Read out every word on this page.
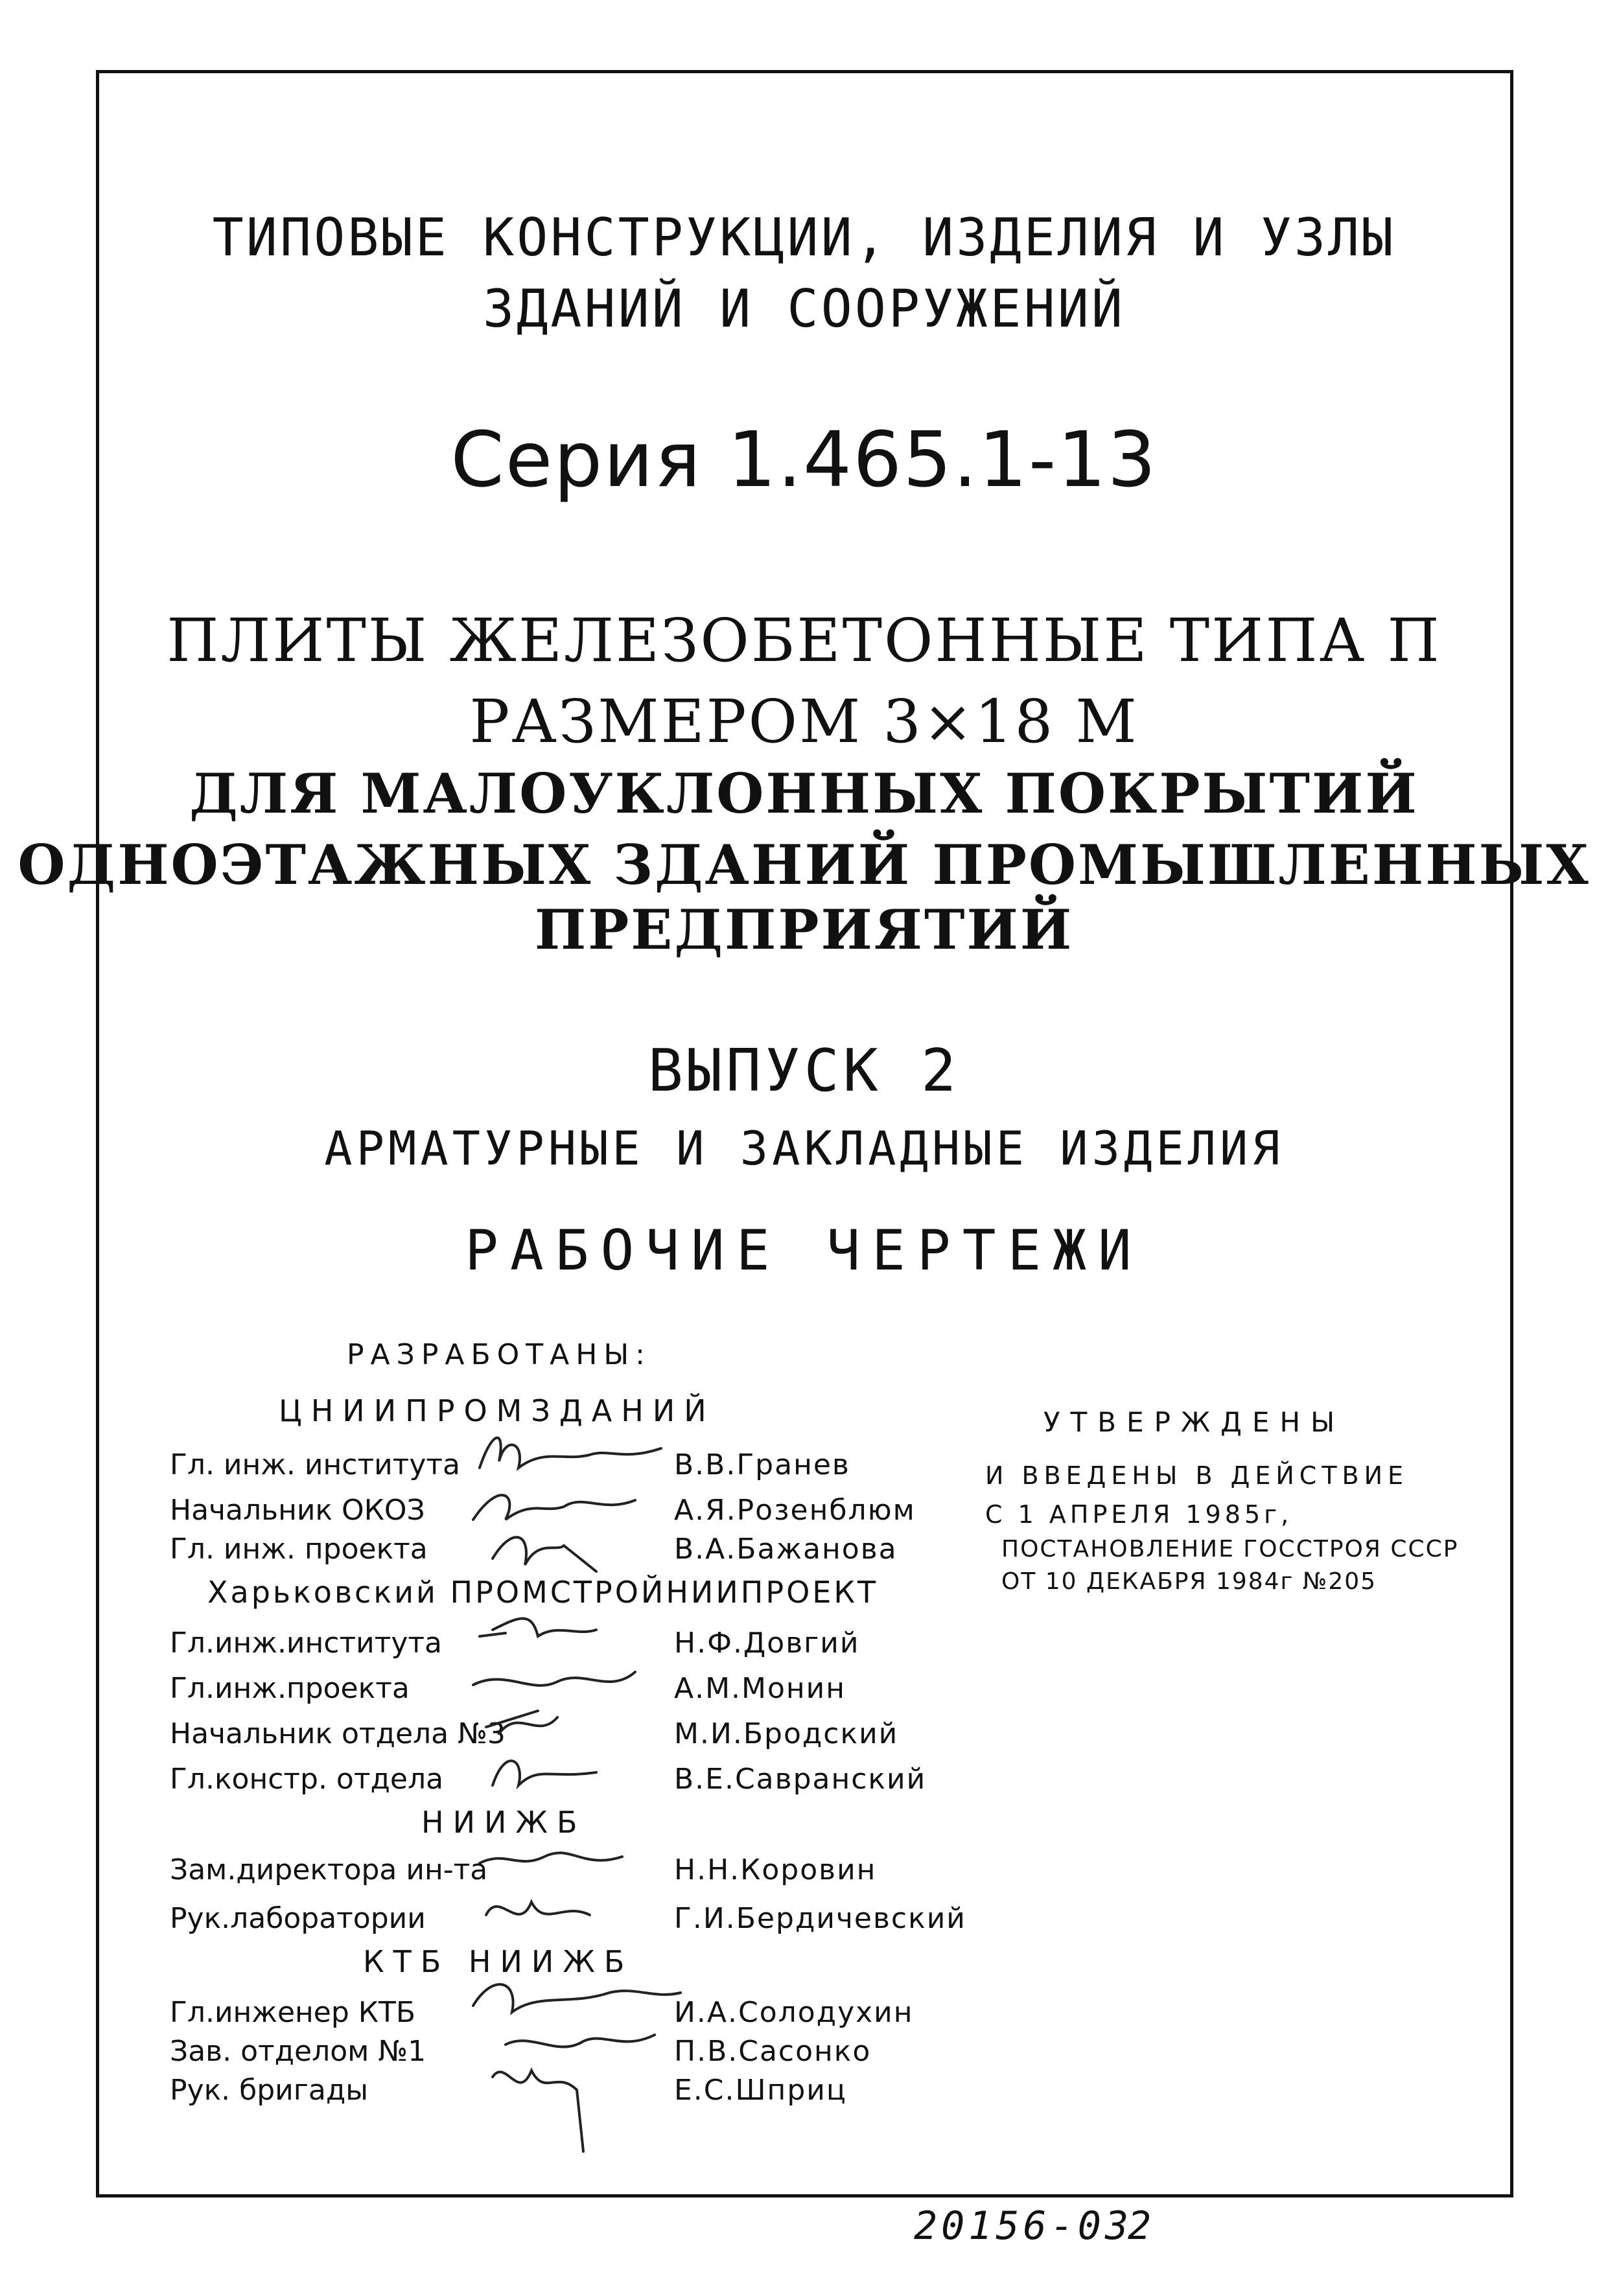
ТИПОВЫЕ КОНСТРУКЦИИ, ИЗДЕЛИЯ И УЗЛЫ
ЗДАНИЙ И СООРУЖЕНИЙ
Серия 1.465.1-13
ПЛИТЫ ЖЕЛЕЗОБЕТОННЫЕ ТИПА П
РАЗМЕРОМ 3×18 М
ДЛЯ МАЛОУКЛОННЫХ ПОКРЫТИЙ
ОДНОЭТАЖНЫХ ЗДАНИЙ ПРОМЫШЛЕННЫХ
ПРЕДПРИЯТИЙ
ВЫПУСК 2
АРМАТУРНЫЕ И ЗАКЛАДНЫЕ ИЗДЕЛИЯ
РАБОЧИЕ ЧЕРТЕЖИ
РАЗРАБОТАНЫ:
ЦНИИПРОМЗДАНИЙ
Гл. инж. института	В.В.Гранев
Начальник ОКОЗ	А.Я.Розенблюм
Гл. инж. проекта	В.А.Бажанова
Харьковский ПРОМСТРОЙНИИПРОЕКТ
Гл.инж.института	Н.Ф.Довгий
Гл.инж.проекта	А.М.Монин
Начальник отдела №3	М.И.Бродский
Гл.констр. отдела	В.Е.Савранский
НИИЖБ
Зам.директора ин-та	Н.Н.Коровин
Рук.лаборатории	Г.И.Бердичевский
КТБ НИИЖБ
Гл.инженер КТБ	И.А.Солодухин
Зав. отделом №1	П.В.Сасонко
Рук. бригады	Е.С.Шприц
УТВЕРЖДЕНЫ
И ВВЕДЕНЫ В ДЕЙСТВИЕ
С 1 АПРЕЛЯ 1985г,
ПОСТАНОВЛЕНИЕ ГОССТРОЯ СССР
ОТ 10 ДЕКАБРЯ 1984г №205
20156-03
2
